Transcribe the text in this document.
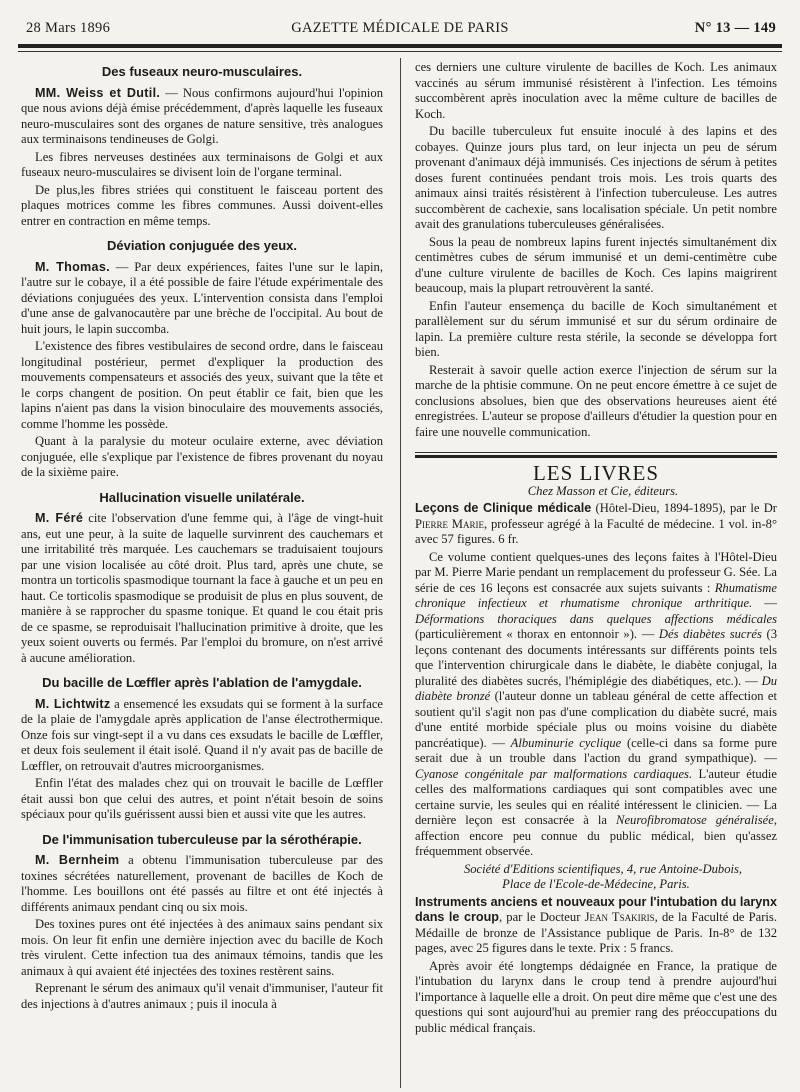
28 Mars 1896	GAZETTE MÉDICALE DE PARIS	N° 13 — 149
Des fuseaux neuro-musculaires.

MM. Weiss et Dutil. — Nous confirmons aujourd'hui l'opinion que nous avions déjà émise précédemment, d'après laquelle les fuseaux neuro-musculaires sont des organes de nature sensitive, très analogues aux terminaisons tendineuses de Golgi.

Les fibres nerveuses destinées aux terminaisons de Golgi et aux fuseaux neuro-musculaires se divisent loin de l'organe terminal.

De plus,les fibres striées qui constituent le faisceau portent des plaques motrices comme les fibres communes. Aussi doivent-elles entrer en contraction en même temps.

Déviation conjuguée des yeux.

M. Thomas. — Par deux expériences, faites l'une sur le lapin, l'autre sur le cobaye, il a été possible de faire l'étude expérimentale des déviations conjuguées des yeux. L'intervention consista dans l'emploi d'une anse de galvanocautère par une brèche de l'occipital. Au bout de huit jours, le lapin succomba.

L'existence des fibres vestibulaires de second ordre, dans le faisceau longitudinal postérieur, permet d'expliquer la production des mouvements compensateurs et associés des yeux, suivant que la tête et le corps changent de position. On peut établir ce fait, bien que les lapins n'aient pas dans la vision binoculaire des mouvements associés, comme l'homme les possède.

Quant à la paralysie du moteur oculaire externe, avec déviation conjuguée, elle s'explique par l'existence de fibres provenant du noyau de la sixième paire.

Hallucination visuelle unilatérale.

M. Féré cite l'observation d'une femme qui, à l'âge de vingt-huit ans, eut une peur, à la suite de laquelle survinrent des cauchemars et une irritabilité très marquée. Les cauchemars se traduisaient toujours par une vision localisée au côté droit. Plus tard, après une chute, se montra un torticolis spasmodique tournant la face à gauche et un peu en haut. Ce torticolis spasmodique se produisit de plus en plus souvent, de manière à se rapprocher du spasme tonique. Et quand le cou était pris de ce spasme, se reproduisait l'hallucination primitive à droite, que les yeux soient ouverts ou fermés. Par l'emploi du bromure, on n'est arrivé à aucune amélioration.

Du bacille de Lœffler après l'ablation de l'amygdale.

M. Lichtwitz a ensemencé les exsudats qui se forment à la surface de la plaie de l'amygdale après application de l'anse électrothermique. Onze fois sur vingt-sept il a vu dans ces exsudats le bacille de Lœffler, et deux fois seulement il était isolé. Quand il n'y avait pas de bacille de Lœffler, on retrouvait d'autres microorganismes.

Enfin l'état des malades chez qui on trouvait le bacille de Lœffler était aussi bon que celui des autres, et point n'était besoin de soins spéciaux pour qu'ils guérissent aussi bien et aussi vite que les autres.

De l'immunisation tuberculeuse par la sérothérapie.

M. Bernheim a obtenu l'immunisation tuberculeuse par des toxines sécrétées naturellement, provenant de bacilles de Koch de l'homme. Les bouillons ont été passés au filtre et ont été injectés à différents animaux pendant cinq ou six mois.

Des toxines pures ont été injectées à des animaux sains pendant six mois. On leur fit enfin une dernière injection avec du bacille de Koch très virulent. Cette infection tua des animaux témoins, tandis que les animaux à qui avaient été injectées des toxines restèrent sains.

Reprenant le sérum des animaux qu'il venait d'immuniser, l'auteur fit des injections à d'autres animaux ; puis il inocula à

ces derniers une culture virulente de bacilles de Koch. Les animaux vaccinés au sérum immunisé résistèrent à l'infection. Les témoins succombèrent après inoculation avec la même culture de bacilles de Koch.

Du bacille tuberculeux fut ensuite inoculé à des lapins et des cobayes. Quinze jours plus tard, on leur injecta un peu de sérum provenant d'animaux déjà immunisés. Ces injections de sérum à petites doses furent continuées pendant trois mois. Les trois quarts des animaux ainsi traités résistèrent à l'infection tuberculeuse. Les autres succombèrent de cachexie, sans localisation spéciale. Un petit nombre avait des granulations tuberculeuses généralisées.

Sous la peau de nombreux lapins furent injectés simultanément dix centimètres cubes de sérum immunisé et un demi-centimètre cube d'une culture virulente de bacilles de Koch. Ces lapins maigrirent beaucoup, mais la plupart retrouvèrent la santé.

Enfin l'auteur ensemença du bacille de Koch simultanément et parallèlement sur du sérum immunisé et sur du sérum ordinaire de lapin. La première culture resta stérile, la seconde se développa fort bien.

Resterait à savoir quelle action exerce l'injection de sérum sur la marche de la phtisie commune. On ne peut encore émettre à ce sujet de conclusions absolues, bien que des observations heureuses aient été enregistrées. L'auteur se propose d'ailleurs d'étudier la question pour en faire une nouvelle communication.

LES LIVRES

Chez Masson et Cie, éditeurs.

Leçons de Clinique médicale (Hôtel-Dieu, 1894-1895), par le Dr Pierre Marie, professeur agrégé à la Faculté de médecine. 1 vol. in-8° avec 57 figures. 6 fr.

Ce volume contient quelques-unes des leçons faites à l'Hôtel-Dieu par M. Pierre Marie pendant un remplacement du professeur G. Sée. La série de ces 16 leçons est consacrée aux sujets suivants : Rhumatisme chronique infectieux et rhumatisme chronique arthritique. — Déformations thoraciques dans quelques affections médicales (particulièrement « thorax en entonnoir »). — Dés diabètes sucrés (3 leçons contenant des documents intéressants sur différents points tels que l'intervention chirurgicale dans le diabète, le diabète conjugal, la pluralité des diabètes sucrés, l'hémiplégie des diabétiques, etc.). — Du diabète bronzé (l'auteur donne un tableau général de cette affection et soutient qu'il s'agit non pas d'une complication du diabète sucré, mais d'une entité morbide spéciale plus ou moins voisine du diabète pancréatique). — Albuminurie cyclique (celle-ci dans sa forme pure serait due à un trouble dans l'action du grand sympathique). — Cyanose congénitale par malformations cardiaques. L'auteur étudie celles des malformations cardiaques qui sont compatibles avec une certaine survie, les seules qui en réalité intéressent le clinicien. — La dernière leçon est consacrée à la Neurofibromatose généralisée, affection encore peu connue du public médical, bien qu'assez fréquemment observée.

Société d'Editions scientifiques, 4, rue Antoine-Dubois,
Place de l'Ecole-de-Médecine, Paris.

Instruments anciens et nouveaux pour l'intubation du larynx dans le croup, par le Docteur Jean Tsakiris, de la Faculté de Paris. Médaille de bronze de l'Assistance publique de Paris. In-8° de 132 pages, avec 25 figures dans le texte. Prix : 5 francs.

Après avoir été longtemps dédaignée en France, la pratique de l'intubation du larynx dans le croup tend à prendre aujourd'hui l'importance à laquelle elle a droit. On peut dire même que c'est une des questions qui sont aujourd'hui au premier rang des préoccupations du public médical français.
